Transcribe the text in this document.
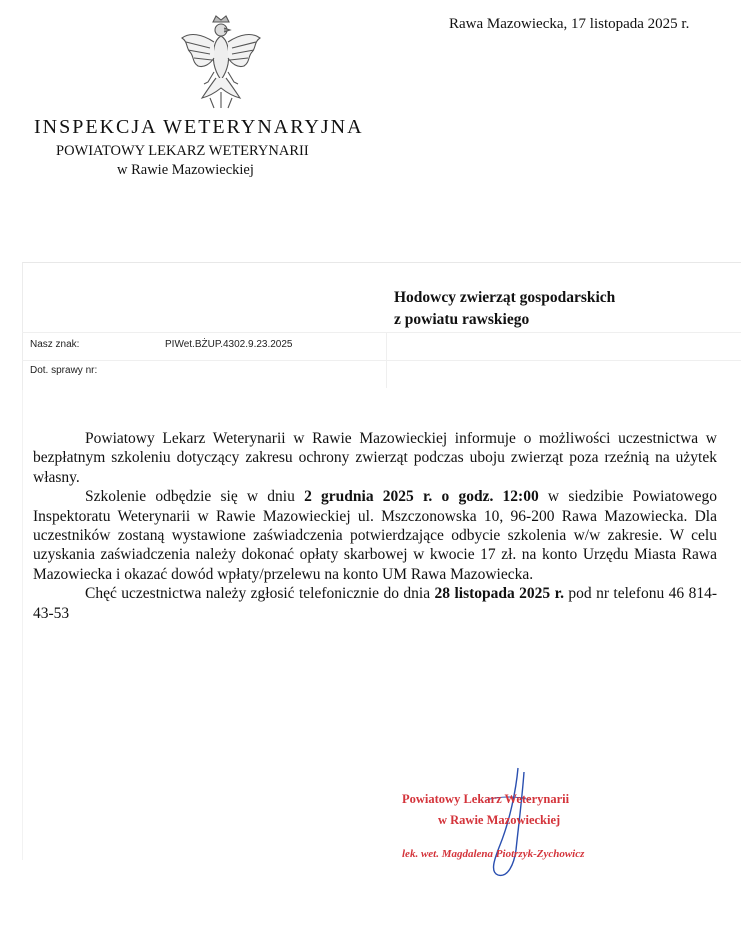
Rawa Mazowiecka, 17 listopada 2025 r.
INSPEKCJA WETERYNARYJNA
POWIATOWY LEKARZ WETERYNARII
w Rawie Mazowieckiej
Hodowcy zwierząt gospodarskich
z powiatu rawskiego
Nasz znak:	PIWet.BŻUP.4302.9.23.2025
Dot. sprawy nr:

Powiatowy Lekarz Weterynarii w Rawie Mazowieckiej informuje o możliwości uczestnictwa w bezpłatnym szkoleniu dotyczący zakresu ochrony zwierząt podczas uboju zwierząt poza rzeźnią na użytek własny.

Szkolenie odbędzie się w dniu 2 grudnia 2025 r. o godz. 12:00 w siedzibie Powiatowego Inspektoratu Weterynarii w Rawie Mazowieckiej ul. Mszczonowska 10, 96-200 Rawa Mazowiecka. Dla uczestników zostaną wystawione zaświadczenia potwierdzające odbycie szkolenia w/w zakresie. W celu uzyskania zaświadczenia należy dokonać opłaty skarbowej w kwocie 17 zł. na konto Urzędu Miasta Rawa Mazowiecka i okazać dowód wpłaty/przelewu na konto UM Rawa Mazowiecka.

Chęć uczestnictwa należy zgłosić telefonicznie do dnia 28 listopada 2025 r. pod nr telefonu 46 814-43-53

Powiatowy Lekarz Weterynarii
w Rawie Mazowieckiej
lek. wet. Magdalena Piotrzyk-Zychowicz
